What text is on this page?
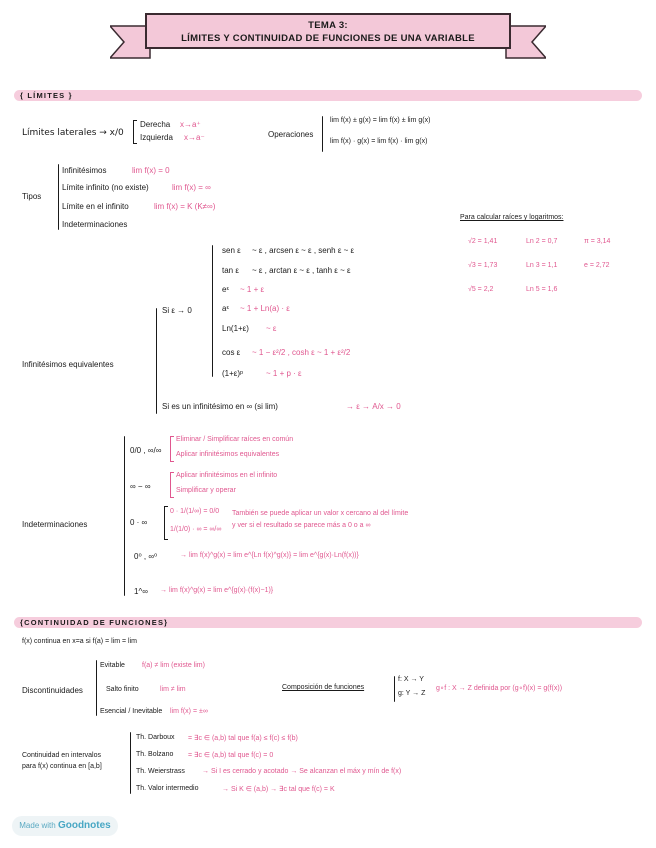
TEMA 3:
LÍMITES Y CONTINUIDAD DE FUNCIONES DE UNA VARIABLE
{ LÍMITES }
Límites laterales → x/0
Derecha x→a⁺
Izquierda x→a⁻	Operaciones
lim f(x) ± g(x) = lim f(x) ± lim g(x)
lim f(x) · g(x) = lim f(x) · lim g(x)
Tipos
Infinitésimos	lim f(x) = 0
Límite infinito (no existe)	lim f(x) = ∞
Límite en el infinito	lim f(x) = K (K≠∞)
Indeterminaciones
Para calcular raíces y logaritmos:
√2 = 1,41	Ln 2 = 0,7	π = 3,14
√3 = 1,73	Ln 3 = 1,1	e = 2,72
√5 = 2,2	Ln 5 = 1,6
Infinitésimos equivalentes
Si ε → 0
sen ε ~ ε , arcsen ε ~ ε , senh ε ~ ε
tan ε ~ ε , arctan ε ~ ε , tanh ε ~ ε
eᵋ ~ 1 + ε
aᵋ ~ 1 + Ln(a) · ε
Ln(1+ε) ~ ε
cos ε ~ 1 − ε²/2 , cosh ε ~ 1 + ε²/2
(1+ε)ᵖ	~ 1 + p · ε
Si es un infinitésimo en ∞ (si lim)	→ ε → A/x → 0
Indeterminaciones
0/0 , ∞/∞
Eliminar / Simplificar raíces en común
Aplicar infinitésimos equivalentes
∞ − ∞
Aplicar infinitésimos en el infinito
Simplificar y operar
0 · ∞
0 · 1/(1/∞) = 0/0
1/(1/0) · ∞ = ∞/∞
También se puede aplicar un valor x cercano al del límite
y ver si el resultado se parece más a 0 o a ∞
0⁰ , ∞⁰	→ lim f(x)^g(x) = lim e^{Ln f(x)^g(x)} = lim e^{g(x)·Ln(f(x))}
1^∞ → lim f(x)^g(x) = lim e^{g(x)·(f(x)−1)}
{CONTINUIDAD DE FUNCIONES}
f(x) continua en x=a si f(a) = lim = lim
Discontinuidades
Evitable f(a) ≠ lim (existe lim)
Salto finito	lim ≠ lim
Esencial / Inevitable lim f(x) = ±∞
Composición de funciones
f: X → Y
g: Y → Z
g∘f : X → Z definida por (g∘f)(x) = g(f(x))
Continuidad en intervalos
para f(x) continua en [a,b]
Th. Darboux = ∃c ∈ (a,b) tal que f(a) ≤ f(c) ≤ f(b)
Th. Bolzano = ∃c ∈ (a,b) tal que f(c) = 0
Th. Weierstrass → Si I es cerrado y acotado → Se alcanzan el máx y mín de f(x)
Th. Valor intermedio	→ Si K ∈ (a,b) → ∃c tal que f(c) = K
Made with Goodnotes
